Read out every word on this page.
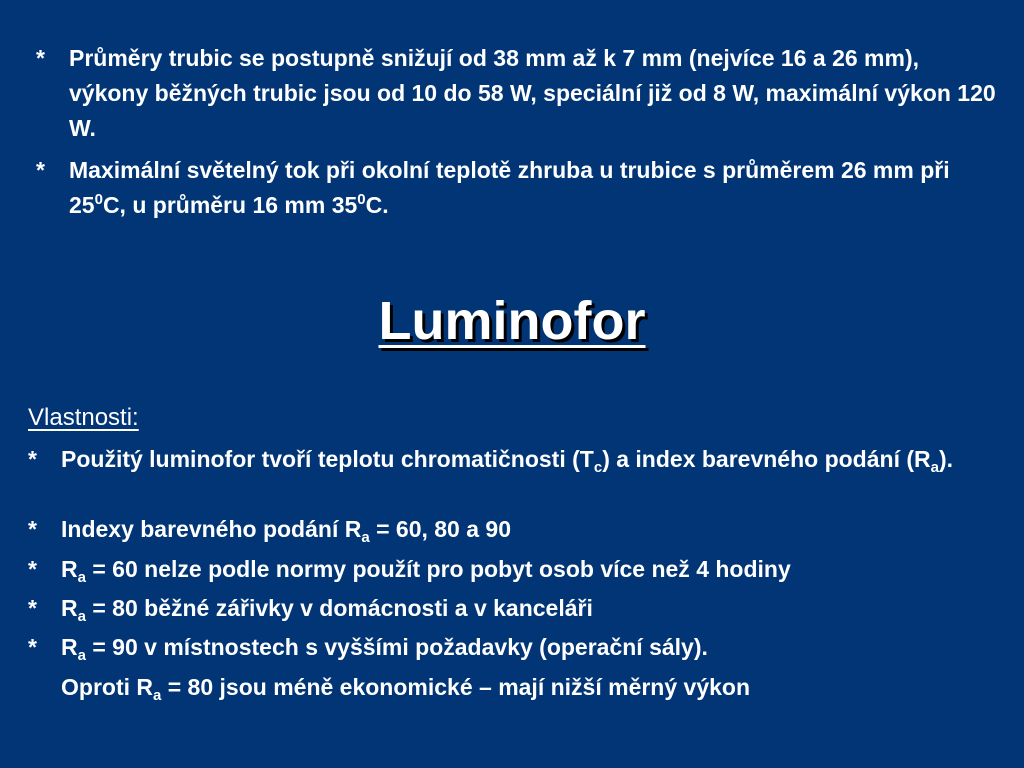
* Průměry trubic se postupně snižují od 38 mm až k 7 mm (nejvíce 16 a 26 mm), výkony běžných trubic jsou od 10 do 58 W, speciální již od 8 W, maximální výkon 120 W.
* Maximální světelný tok při okolní teplotě zhruba u trubice s průměrem 26 mm při $25^0C$, u průměru 16 mm $35^0C$.
Luminofor
Vlastnosti:
* Použitý luminofor tvoří teplotu chromatičnosti $(T_c)$ a index barevného podání $(R_a)$.
* Indexy barevného podání $R_a = 60$, 80 a 90
* $R_a = 60$ nelze podle normy použít pro pobyt osob více než 4 hodiny
* $R_a = 80$ běžné zářivky v domácnosti a v kanceláři
* $R_a = 90$ v místnostech s vyššími požadavky (operační sály).
Oproti $R_a = 80$ jsou méně ekonomické – mají nižší měrný výkon
